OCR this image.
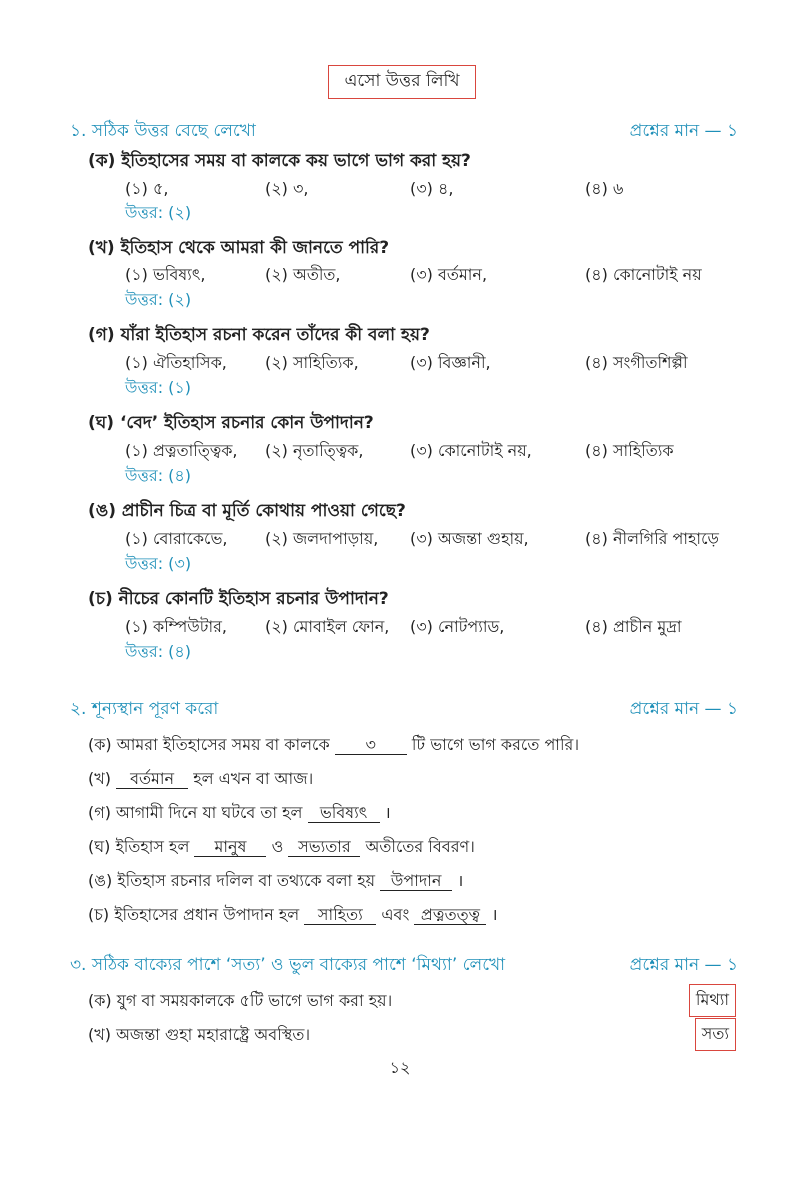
এসো উত্তর লিখি
১. সঠিক উত্তর বেছে লেখো	প্রশ্নের মান — ১
(ক) ইতিহাসের সময় বা কালকে কয় ভাগে ভাগ করা হয়?
(১) ৫,	(২) ৩,	(৩) ৪,	(৪) ৬
উত্তর: (২)
(খ) ইতিহাস থেকে আমরা কী জানতে পারি?
(১) ভবিষ্যৎ,	(২) অতীত,	(৩) বর্তমান,	(৪) কোনোটাই নয়
উত্তর: (২)
(গ) যাঁরা ইতিহাস রচনা করেন তাঁদের কী বলা হয়?
(১) ঐতিহাসিক, (২) সাহিত্যিক,	(৩) বিজ্ঞানী,	(৪) সংগীতশিল্পী
উত্তর: (১)
(ঘ) ‘বেদ’ ইতিহাস রচনার কোন উপাদান?
(১) প্রত্নতাত্ত্বিক, (২) নৃতাত্ত্বিক,	(৩) কোনোটাই নয়,	(৪) সাহিত্যিক
উত্তর: (৪)
(ঙ) প্রাচীন চিত্র বা মূর্তি কোথায় পাওয়া গেছে?
(১) বোরাকেভে, (২) জলদাপাড়ায়, (৩) অজন্তা গুহায়,	(৪) নীলগিরি পাহাড়ে
উত্তর: (৩)
(চ) নীচের কোনটি ইতিহাস রচনার উপাদান?
(১) কম্পিউটার, (২) মোবাইল ফোন, (৩) নোটপ্যাড,	(৪) প্রাচীন মুদ্রা
উত্তর: (৪)
২. শূন্যস্থান পূরণ করো	প্রশ্নের মান — ১
(ক) আমরা ইতিহাসের সময় বা কালকে ৩ টি ভাগে ভাগ করতে পারি।
(খ) বর্তমান হল এখন বা আজ।
(গ) আগামী দিনে যা ঘটবে তা হল ভবিষ্যৎ ।
(ঘ) ইতিহাস হল মানুষ ও সভ্যতার অতীতের বিবরণ।
(ঙ) ইতিহাস রচনার দলিল বা তথ্যকে বলা হয় উপাদান ।
(চ) ইতিহাসের প্রধান উপাদান হল সাহিত্য এবং প্রত্নতত্ত্ব ।
৩. সঠিক বাক্যের পাশে ‘সত্য’ ও ভুল বাক্যের পাশে ‘মিথ্যা’ লেখো	প্রশ্নের মান — ১
(ক) যুগ বা সময়কালকে ৫টি ভাগে ভাগ করা হয়।	মিথ্যা
(খ) অজন্তা গুহা মহারাষ্ট্রে অবস্থিত।	সত্য
১২
